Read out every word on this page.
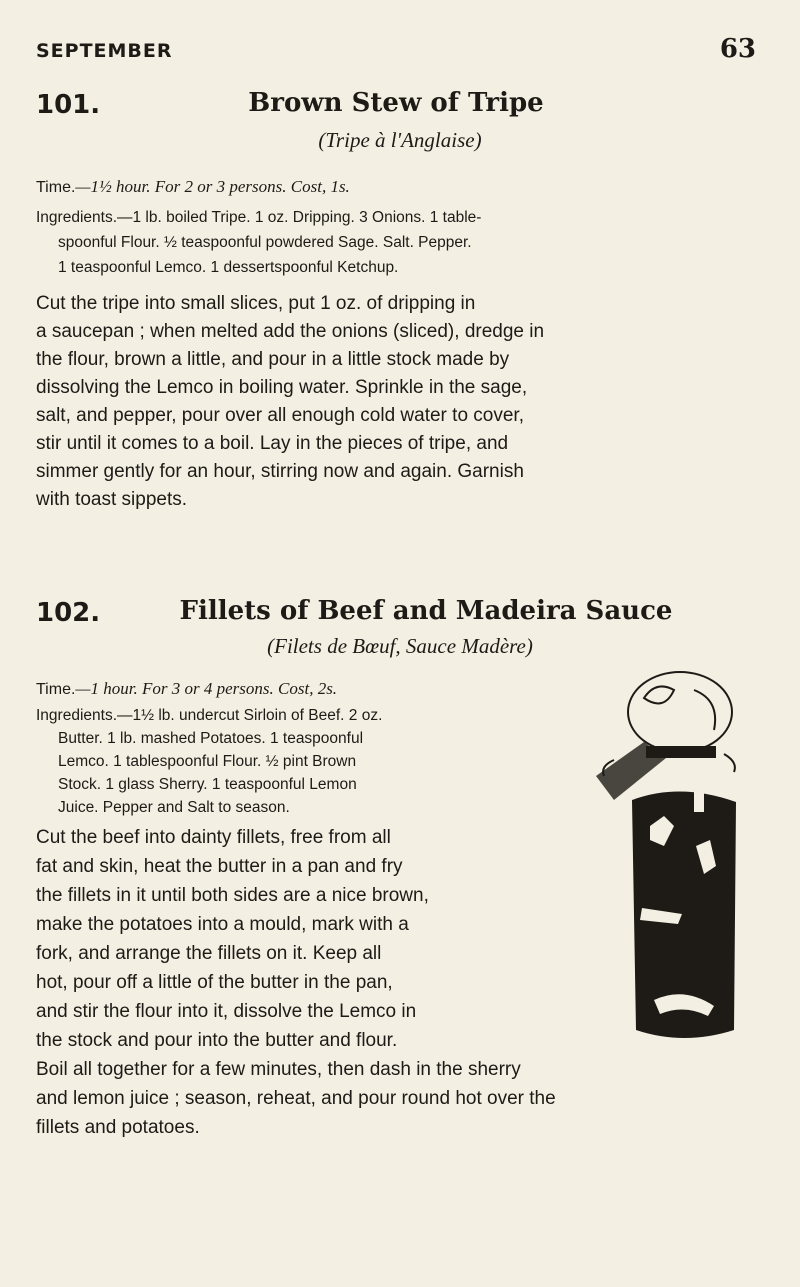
SEPTEMBER	63
101.	Brown Stew of Tripe
(Tripe à l'Anglaise)
Time.—1½ hour. For 2 or 3 persons. Cost, 1s.
Ingredients.—1 lb. boiled Tripe. 1 oz. Dripping. 3 Onions. 1 table-
spoonful Flour. ½ teaspoonful powdered Sage. Salt. Pepper.
1 teaspoonful Lemco. 1 dessertspoonful Ketchup.
Cut the tripe into small slices, put 1 oz. of dripping in
a saucepan ; when melted add the onions (sliced), dredge in
the flour, brown a little, and pour in a little stock made by
dissolving the Lemco in boiling water. Sprinkle in the sage,
salt, and pepper, pour over all enough cold water to cover,
stir until it comes to a boil. Lay in the pieces of tripe, and
simmer gently for an hour, stirring now and again. Garnish
with toast sippets.
102.	Fillets of Beef and Madeira Sauce
(Filets de Bœuf, Sauce Madère)
Time.—1 hour. For 3 or 4 persons. Cost, 2s.
Ingredients.—1½ lb. undercut Sirloin of Beef. 2 oz.
Butter. 1 lb. mashed Potatoes. 1 teaspoonful
Lemco. 1 tablespoonful Flour. ½ pint Brown
Stock. 1 glass Sherry. 1 teaspoonful Lemon
Juice. Pepper and Salt to season.
Cut the beef into dainty fillets, free from all
fat and skin, heat the butter in a pan and fry
the fillets in it until both sides are a nice brown,
make the potatoes into a mould, mark with a
fork, and arrange the fillets on it. Keep all
hot, pour off a little of the butter in the pan,
and stir the flour into it, dissolve the Lemco in
the stock and pour into the butter and flour.
Boil all together for a few minutes, then dash in the sherry
and lemon juice ; season, reheat, and pour round hot over the
fillets and potatoes.
